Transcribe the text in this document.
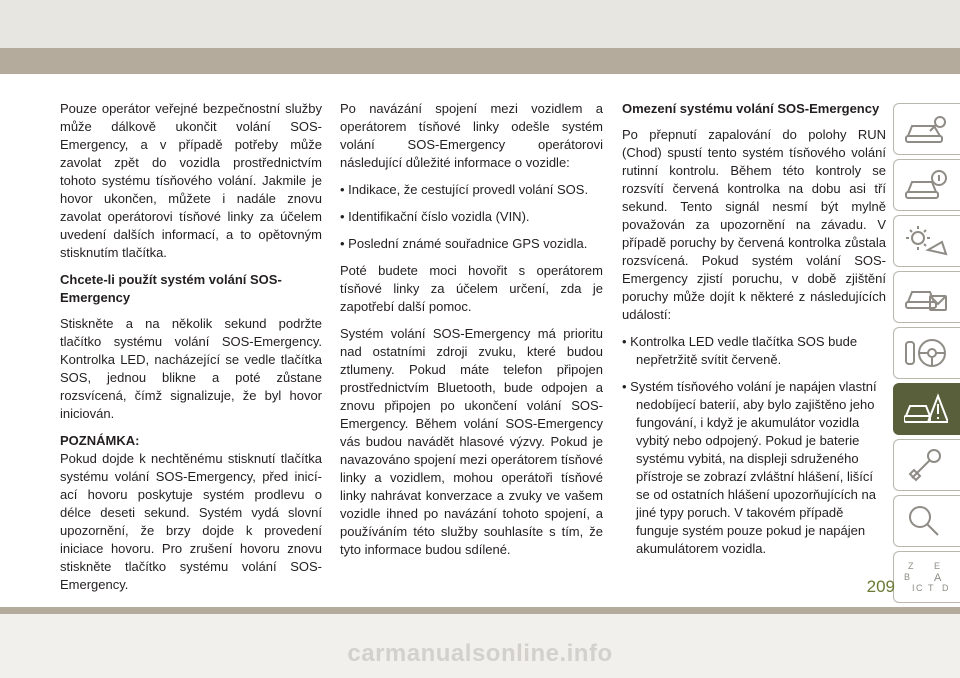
Pouze operátor veřejné bezpečnostní služby může dálkově ukončit volání SOS-Emergency, a v případě potřeby může zavolat zpět do vozidla prostřednictvím tohoto systému tísňového volání. Jakmile je hovor ukončen, můžete i nadále znovu zavolat operátorovi tísňové linky za účelem uvedení dalších informací, a to opětovným stisknutím tlačítka.

Chcete-li použít systém volání SOS-Emergency

Stiskněte a na několik sekund podržte tlačítko systému volání SOS-Emergency. Kontrolka LED, nacházející se vedle tlačítka SOS, jednou blikne a poté zůstane rozsvícená, čímž signalizuje, že byl hovor iniciován.

POZNÁMKA:

Pokud dojde k nechtěnému stisknutí tlačítka systému volání SOS-Emergency, před inicíací hovoru poskytuje systém prodlevu o délce deseti sekund. Systém vydá slovní upozornění, že brzy dojde k provedení iniciace hovoru. Pro zrušení hovoru znovu stiskněte tlačítko systému volání SOS-Emergency.

Po navázání spojení mezi vozidlem a operátorem tísňové linky odešle systém volání SOS-Emergency operátorovi následující důležité informace o vozidle:

• Indikace, že cestující provedl volání SOS.

• Identifikační číslo vozidla (VIN).

• Poslední známé souřadnice GPS vozidla.

Poté budete moci hovořit s operátorem tísňové linky za účelem určení, zda je zapotřebí další pomoc.

Systém volání SOS-Emergency má prioritu nad ostatními zdroji zvuku, které budou ztlumeny. Pokud máte telefon připojen prostřednictvím Bluetooth, bude odpojen a znovu připojen po ukončení volání SOS-Emergency. Během volání SOS-Emergency vás budou navádět hlasové výzvy. Pokud je navazováno spojení mezi operátorem tísňové linky a vozidlem, mohou operátoři tísňové linky nahrávat konverzace a zvuky ve vašem vozidle ihned po navázání tohoto spojení, a používáním této služby souhlasíte s tím, že tyto informace budou sdílené.

Omezení systému volání SOS-Emergency

Po přepnutí zapalování do polohy RUN (Chod) spustí tento systém tísňového volání rutinní kontrolu. Během této kontroly se rozsvítí červená kontrolka na dobu asi tří sekund. Tento signál nesmí být mylně považován za upozornění na závadu. V případě poruchy by červená kontrolka zůstala rozsvícená. Pokud systém volání SOS-Emergency zjistí poruchu, v době zjištění poruchy může dojít k některé z následujících událostí:

• Kontrolka LED vedle tlačítka SOS bude nepřetržitě svítit červeně.

• Systém tísňového volání je napájen vlastní nedobíjecí baterií, aby bylo zajištěno jeho fungování, i když je akumulátor vozidla vybitý nebo odpojený. Pokud je baterie systému vybitá, na displeji sdruženého přístroje se zobrazí zvláštní hlášení, lišící se od ostatních hlášení upozorňujících na jiné typy poruch. V takovém případě funguje systém pouze pokud je napájen akumulátorem vozidla.

Z E
B A
C T
I	D
209
carmanualsonline.info
